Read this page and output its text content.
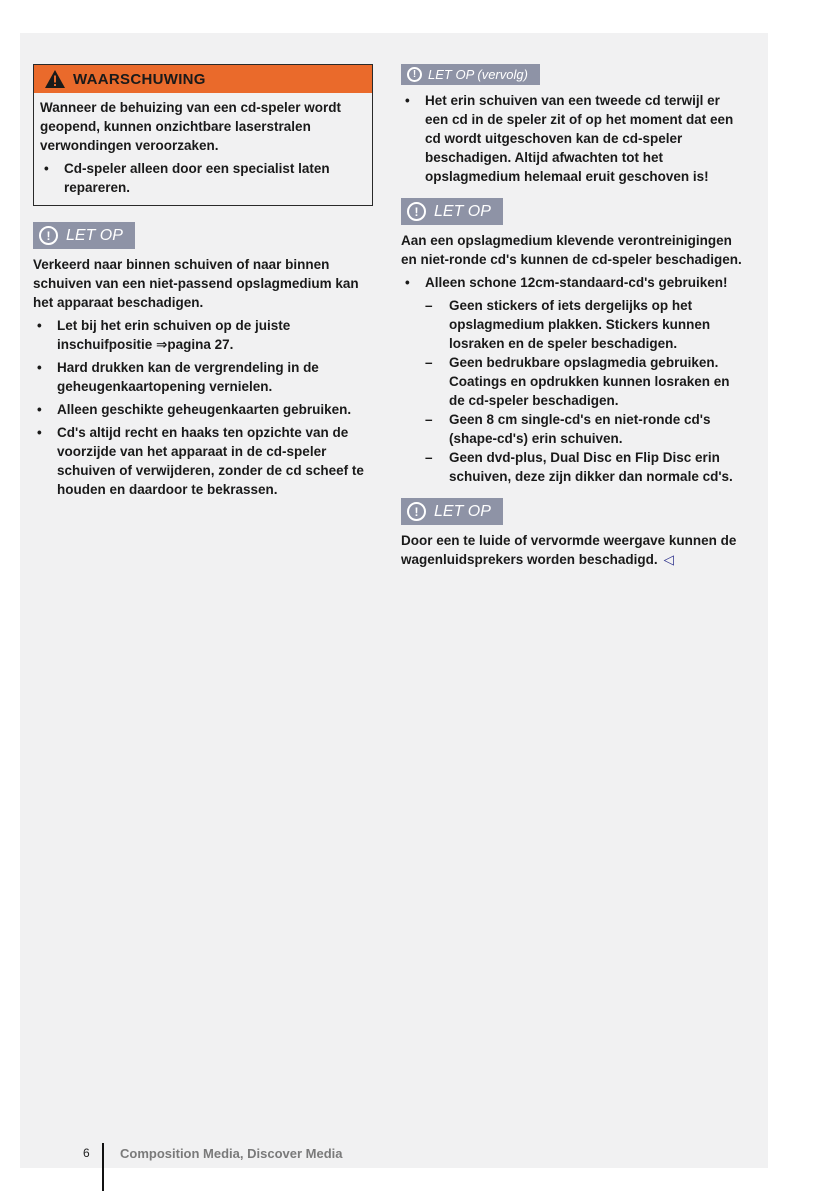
WAARSCHUWING

Wanneer de behuizing van een cd-speler wordt geopend, kunnen onzichtbare laserstralen verwondingen veroorzaken.

• Cd-speler alleen door een specialist laten repareren.

! LET OP

Verkeerd naar binnen schuiven of naar binnen schuiven van een niet-passend opslagmedium kan het apparaat beschadigen.

• Let bij het erin schuiven op de juiste inschuifpositie ⇒pagina 27.

• Hard drukken kan de vergrendeling in de geheugenkaartopening vernielen.

• Alleen geschikte geheugenkaarten gebruiken.

• Cd's altijd recht en haaks ten opzichte van de voorzijde van het apparaat in de cd-speler schuiven of verwijderen, zonder de cd scheef te houden en daardoor te bekrassen.

! LET OP (vervolg)

• Het erin schuiven van een tweede cd terwijl er een cd in de speler zit of op het moment dat een cd wordt uitgeschoven kan de cd-speler beschadigen. Altijd afwachten tot het opslagmedium helemaal eruit geschoven is!

! LET OP

Aan een opslagmedium klevende verontreinigingen en niet-ronde cd's kunnen de cd-speler beschadigen.

• Alleen schone 12cm-standaard-cd's gebruiken!

– Geen stickers of iets dergelijks op het opslagmedium plakken. Stickers kunnen losraken en de speler beschadigen.

– Geen bedrukbare opslagmedia gebruiken. Coatings en opdrukken kunnen losraken en de cd-speler beschadigen.

– Geen 8 cm single-cd's en niet-ronde cd's (shape-cd's) erin schuiven.

– Geen dvd-plus, Dual Disc en Flip Disc erin schuiven, deze zijn dikker dan normale cd's.

! LET OP

Door een te luide of vervormde weergave kunnen de wagenluidsprekers worden beschadigd. ◁

6 Composition Media, Discover Media
